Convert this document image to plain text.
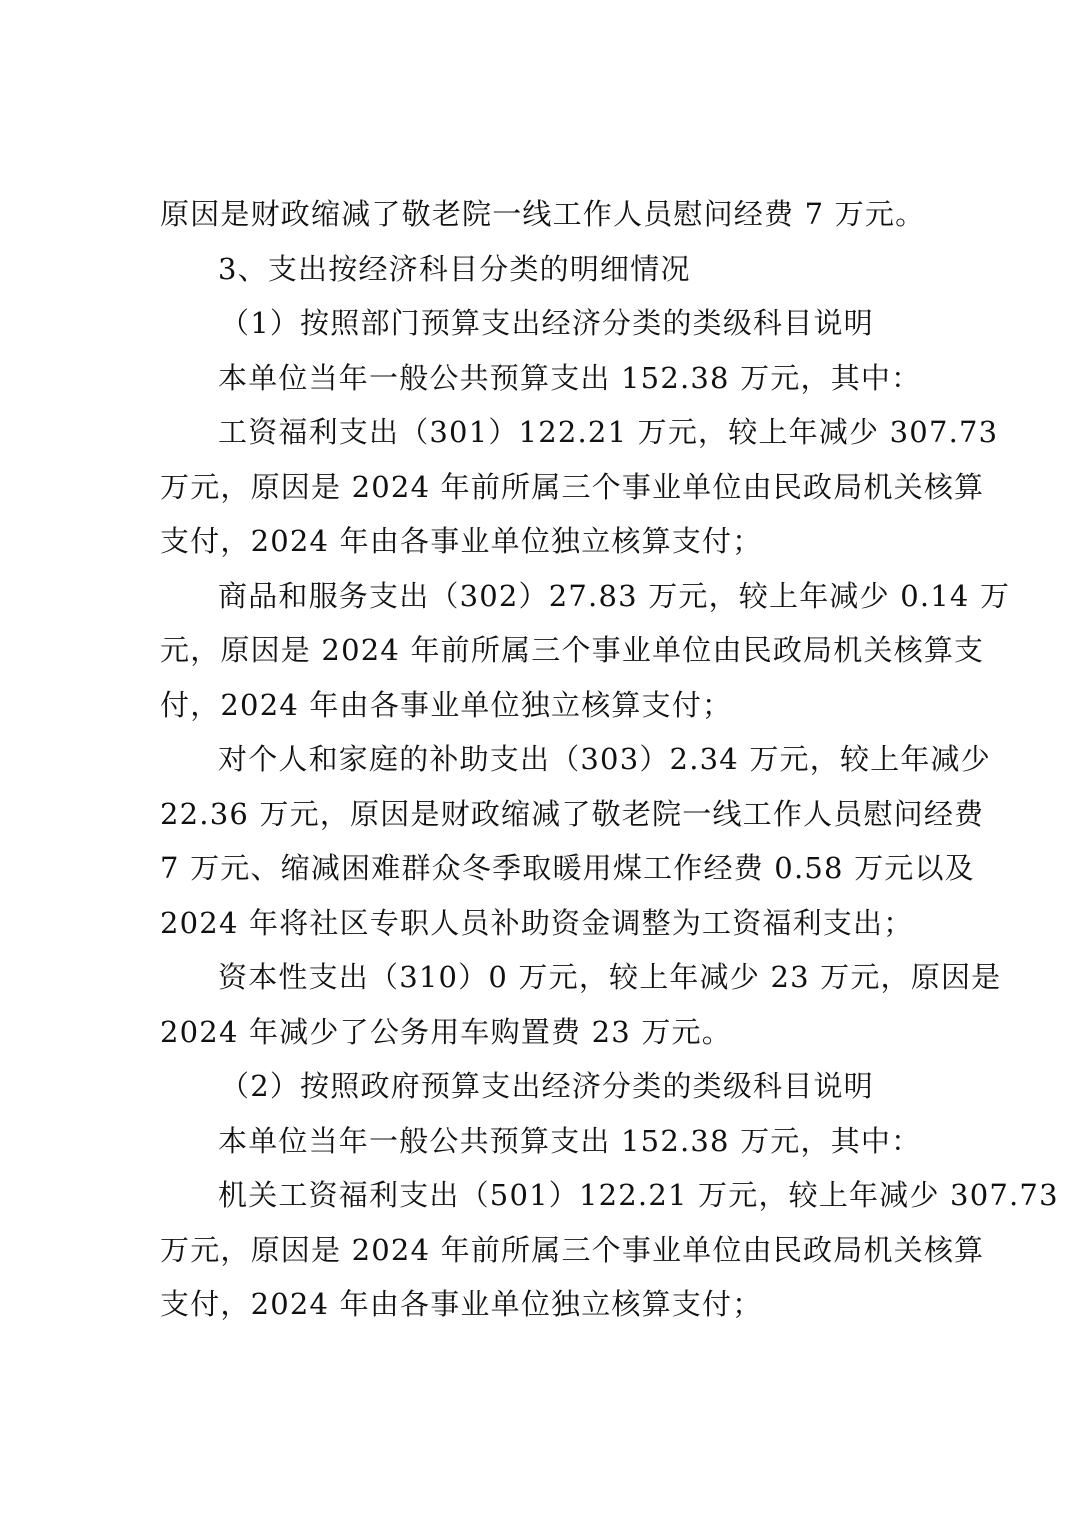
原因是财政缩减了敬老院一线工作人员慰问经费 7 万元。
3、支出按经济科目分类的明细情况
（1）按照部门预算支出经济分类的类级科目说明
本单位当年一般公共预算支出 152.38 万元，其中：
工资福利支出（301）122.21 万元，较上年减少 307.73
万元，原因是 2024 年前所属三个事业单位由民政局机关核算
支付，2024 年由各事业单位独立核算支付；
商品和服务支出（302）27.83 万元，较上年减少 0.14 万
元，原因是 2024 年前所属三个事业单位由民政局机关核算支
付，2024 年由各事业单位独立核算支付；
对个人和家庭的补助支出（303）2.34 万元，较上年减少
22.36 万元，原因是财政缩减了敬老院一线工作人员慰问经费
7 万元、缩减困难群众冬季取暖用煤工作经费 0.58 万元以及
2024 年将社区专职人员补助资金调整为工资福利支出；
资本性支出（310）0 万元，较上年减少 23 万元，原因是
2024 年减少了公务用车购置费 23 万元。
（2）按照政府预算支出经济分类的类级科目说明
本单位当年一般公共预算支出 152.38 万元，其中：
机关工资福利支出（501）122.21 万元，较上年减少 307.73
万元，原因是 2024 年前所属三个事业单位由民政局机关核算
支付，2024 年由各事业单位独立核算支付；
